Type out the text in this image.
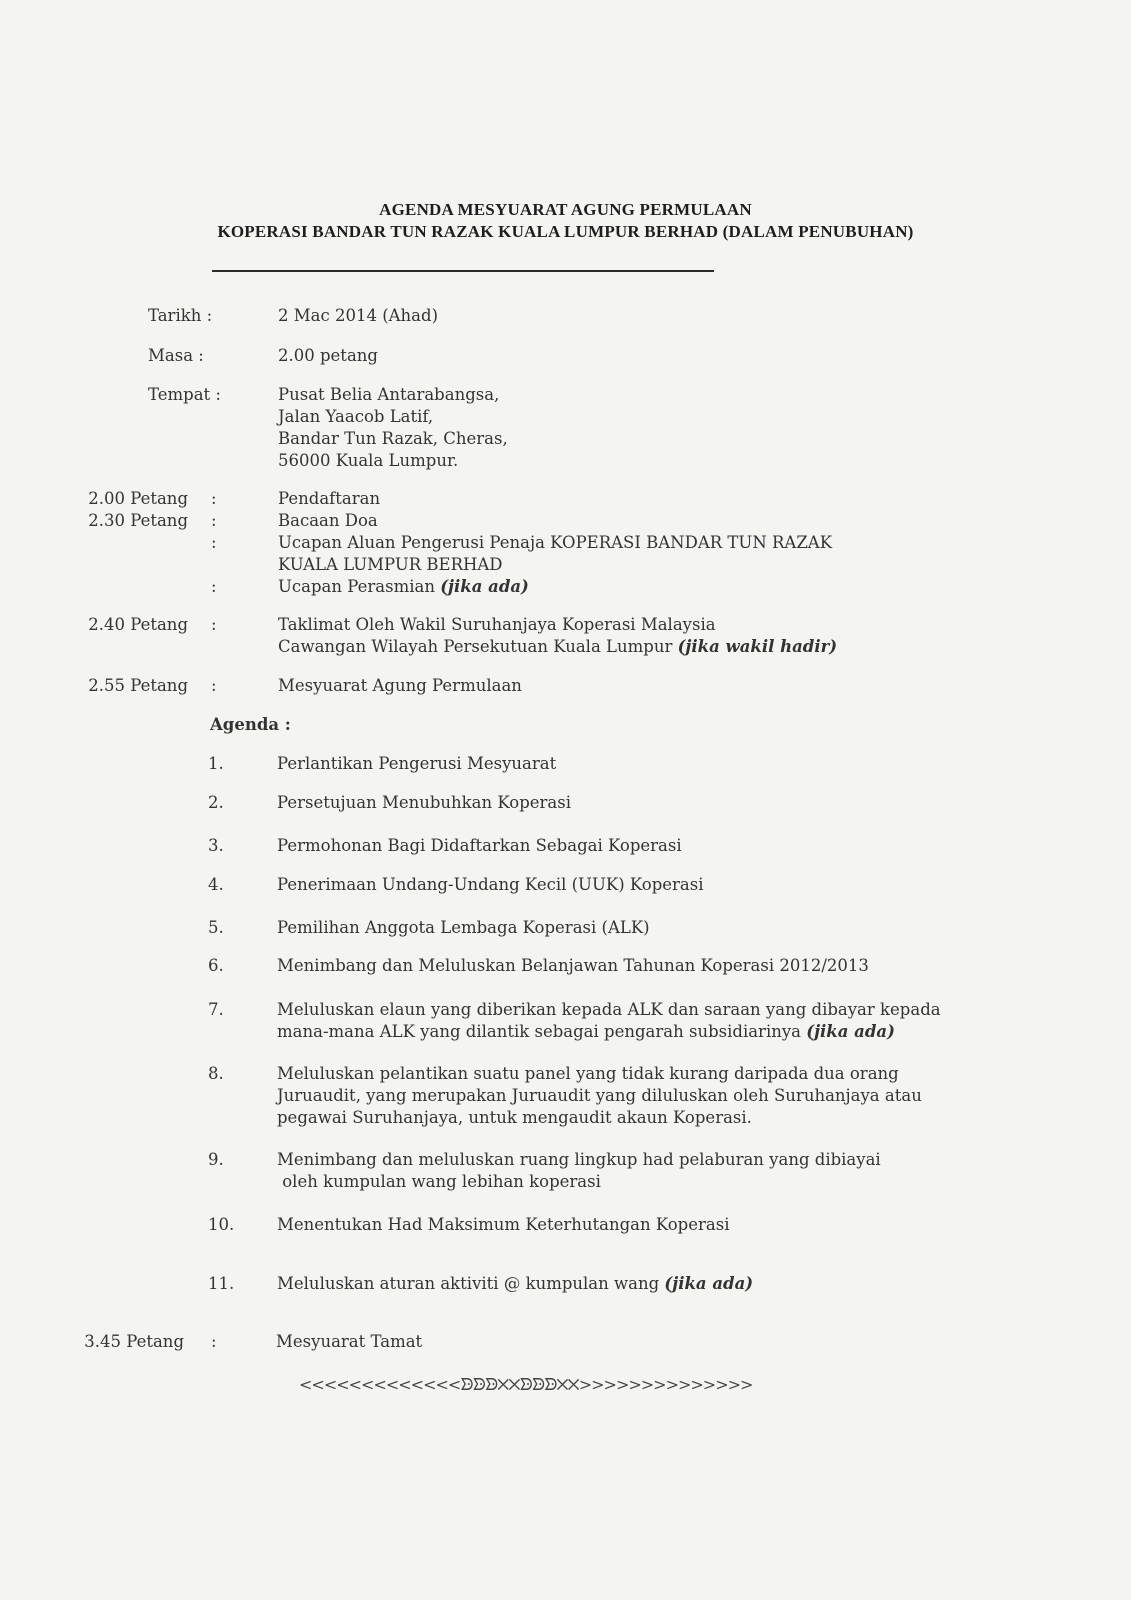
AGENDA MESYUARAT AGUNG PERMULAAN
KOPERASI BANDAR TUN RAZAK KUALA LUMPUR BERHAD (DALAM PENUBUHAN)
Tarikh :	2 Mac 2014 (Ahad)
Masa :	2.00 petang
Tempat :	Pusat Belia Antarabangsa,
Jalan Yaacob Latif,
Bandar Tun Razak, Cheras,
56000 Kuala Lumpur.
2.00 Petang :	Pendaftaran
2.30 Petang :	Bacaan Doa
:	Ucapan Aluan Pengerusi Penaja KOPERASI BANDAR TUN RAZAK
KUALA LUMPUR BERHAD
:	Ucapan Perasmian (jika ada)
2.40 Petang :	Taklimat Oleh Wakil Suruhanjaya Koperasi Malaysia
Cawangan Wilayah Persekutuan Kuala Lumpur (jika wakil hadir)
2.55 Petang :	Mesyuarat Agung Permulaan
Agenda :
1.	Perlantikan Pengerusi Mesyuarat
2.	Persetujuan Menubuhkan Koperasi
3.	Permohonan Bagi Didaftarkan Sebagai Koperasi
4.	Penerimaan Undang-Undang Kecil (UUK) Koperasi
5.	Pemilihan Anggota Lembaga Koperasi (ALK)
6.	Menimbang dan Meluluskan Belanjawan Tahunan Koperasi 2012/2013
7.	Meluluskan elaun yang diberikan kepada ALK dan saraan yang dibayar kepada
mana-mana ALK yang dilantik sebagai pengarah subsidiarinya (jika ada)
8.	Meluluskan pelantikan suatu panel yang tidak kurang daripada dua orang
Juruaudit, yang merupakan Juruaudit yang diluluskan oleh Suruhanjaya atau
pegawai Suruhanjaya, untuk mengaudit akaun Koperasi.
9.	Menimbang dan meluluskan ruang lingkup had pelaburan yang dibiayai
oleh kumpulan wang lebihan koperasi
10.	Menentukan Had Maksimum Keterhutangan Koperasi
11.	Meluluskan aturan aktiviti @ kumpulan wang (jika ada)
3.45 Petang :	Mesyuarat Tamat
<<<<<<<<<<<<<ᗦᗦᗦ✕✕ᗦᗦᗦ✕✕>>>>>>>>>>>>>>
